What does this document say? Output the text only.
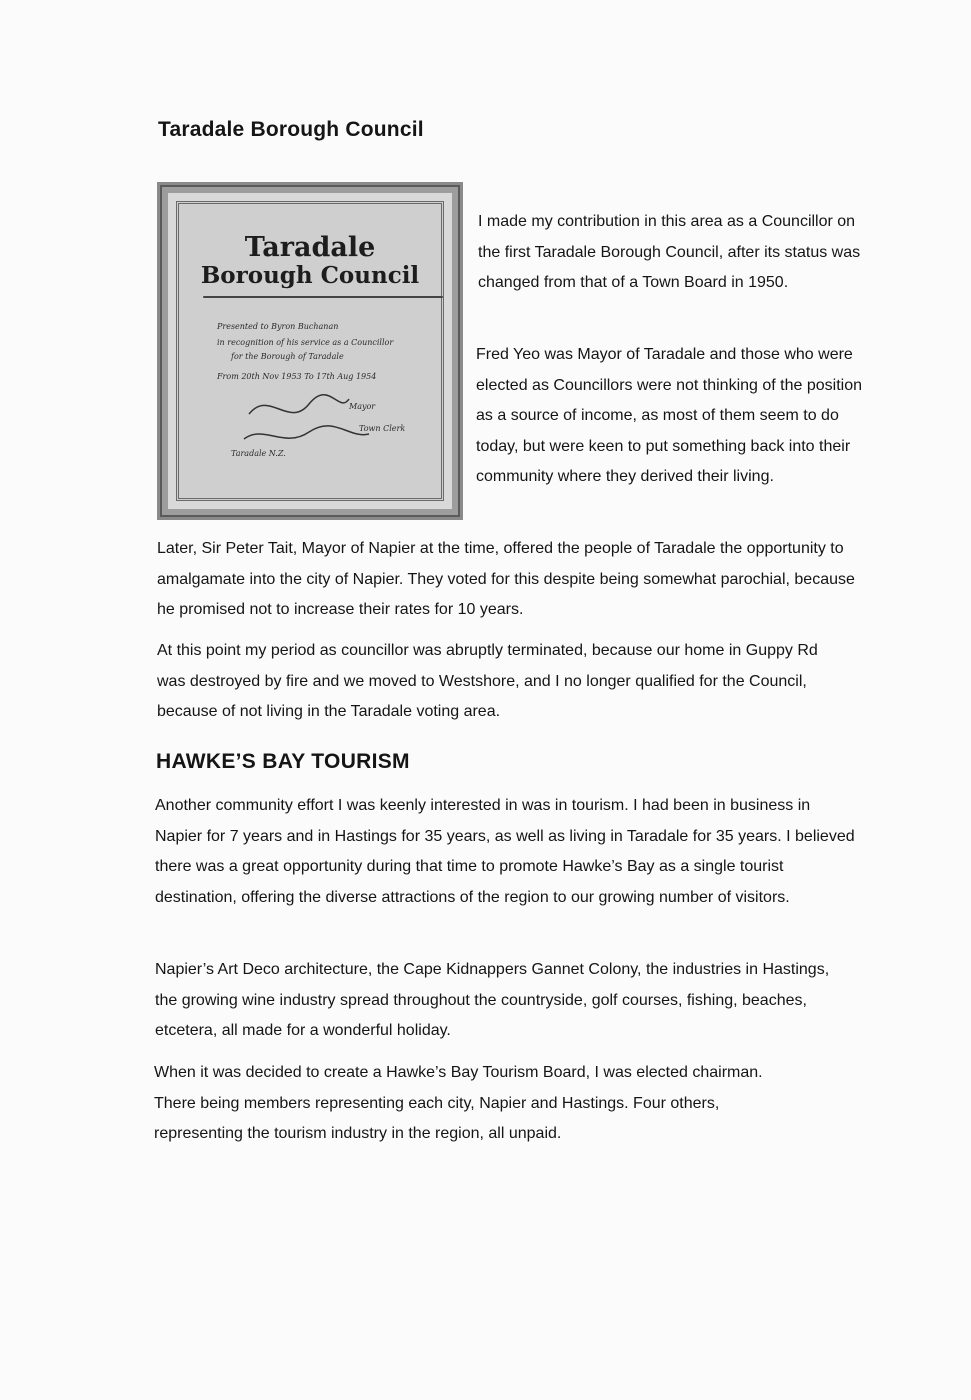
Taradale Borough Council
Taradale
Borough Council
Presented to Byron Buchanan
in recognition of his service as a Councillor
for the Borough of Taradale
From 20th Nov 1953 To 17th Aug 1954
Mayor
Town Clerk
Taradale N.Z.

I made my contribution in this area as a Councillor on the first Taradale Borough Council, after its status was changed from that of a Town Board in 1950.

Fred Yeo was Mayor of Taradale and those who were elected as Councillors were not thinking of the position as a source of income, as most of them seem to do today, but were keen to put something back into their community where they derived their living.

Later, Sir Peter Tait, Mayor of Napier at the time, offered the people of Taradale the opportunity to amalgamate into the city of Napier. They voted for this despite being somewhat parochial, because he promised not to increase their rates for 10 years.

At this point my period as councillor was abruptly terminated, because our home in Guppy Rd was destroyed by fire and we moved to Westshore, and I no longer qualified for the Council, because of not living in the Taradale voting area.

HAWKE’S BAY TOURISM

Another community effort I was keenly interested in was in tourism. I had been in business in Napier for 7 years and in Hastings for 35 years, as well as living in Taradale for 35 years. I believed there was a great opportunity during that time to promote Hawke’s Bay as a single tourist destination, offering the diverse attractions of the region to our growing number of visitors.

Napier’s Art Deco architecture, the Cape Kidnappers Gannet Colony, the industries in Hastings, the growing wine industry spread throughout the countryside, golf courses, fishing, beaches, etcetera, all made for a wonderful holiday.

When it was decided to create a Hawke’s Bay Tourism Board, I was elected chairman. There being members representing each city, Napier and Hastings. Four others, representing the tourism industry in the region, all unpaid.
